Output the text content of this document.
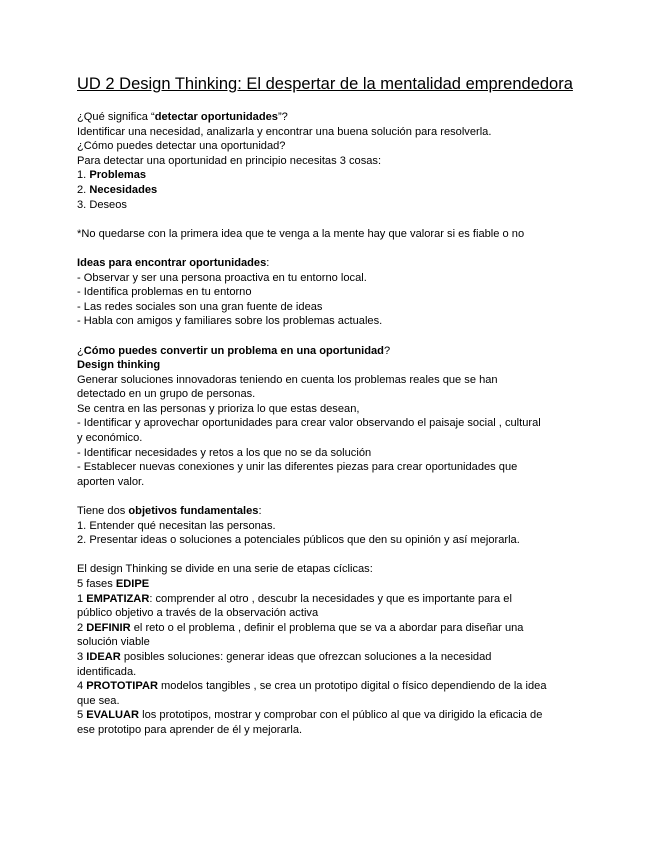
UD 2 Design Thinking: El despertar de la mentalidad emprendedora
¿Qué significa “detectar oportunidades”?
Identificar una necesidad, analizarla y encontrar una buena solución para resolverla.
¿Cómo puedes detectar una oportunidad?
Para detectar una oportunidad en principio necesitas 3 cosas:
1. Problemas
2. Necesidades
3. Deseos
*No quedarse con la primera idea que te venga a la mente hay que valorar si es fiable o no
Ideas para encontrar oportunidades:
- Observar y ser una persona proactiva en tu entorno local.
- Identifica problemas en tu entorno
- Las redes sociales son una gran fuente de ideas
- Habla con amigos y familiares sobre los problemas actuales.
¿Cómo puedes convertir un problema en una oportunidad?
Design thinking
Generar soluciones innovadoras teniendo en cuenta los problemas reales que se han
detectado en un grupo de personas.
Se centra en las personas y prioriza lo que estas desean,
- Identificar y aprovechar oportunidades para crear valor observando el paisaje social , cultural
y económico.
- Identificar necesidades y retos a los que no se da solución
- Establecer nuevas conexiones y unir las diferentes piezas para crear oportunidades que
aporten valor.
Tiene dos objetivos fundamentales:
1. Entender qué necesitan las personas.
2. Presentar ideas o soluciones a potenciales públicos que den su opinión y así mejorarla.
El design Thinking se divide en una serie de etapas cíclicas:
5 fases EDIPE
1 EMPATIZAR: comprender al otro , descubr la necesidades y que es importante para el
público objetivo a través de la observación activa
2 DEFINIR el reto o el problema , definir el problema que se va a abordar para diseñar una
solución viable
3 IDEAR posibles soluciones: generar ideas que ofrezcan soluciones a la necesidad
identificada.
4 PROTOTIPAR modelos tangibles , se crea un prototipo digital o físico dependiendo de la idea
que sea.
5 EVALUAR los prototipos, mostrar y comprobar con el público al que va dirigido la eficacia de
ese prototipo para aprender de él y mejorarla.
